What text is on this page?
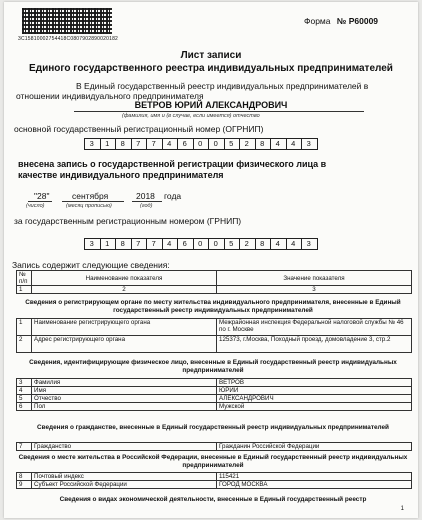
3С15810002754418C0807902890020182
Форма № Р60009
Лист записи
Единого государственного реестра индивидуальных предпринимателей
В Единый государственный реестр индивидуальных предпринимателей в
отношении индивидуального предпринимателя
ВЕТРОВ ЮРИЙ АЛЕКСАНДРОВИЧ
(фамилия, имя и (в случае, если имеется) отчество
основной государственный регистрационный номер (ОГРНИП)
3	1	8	7	7	4	6	0	0	5	2	8	4	4	3
внесена запись о государственной регистрации физического лица в
качестве индивидуального предпринимателя
"28"	сентября	2018 года
(число)	(месяц прописью)	(год)
за государственным регистрационным номером (ГРНИП)
3	1	8	7	7	4	6	0	0	5	2	8	4	4	3
Запись содержит следующие сведения:
№
п/п	Наименование показателя	Значение показателя
1	2	3
Сведения о регистрирующем органе по месту жительства индивидуального предпринимателя, внесенные в Единый государственный реестр индивидуальных предпринимателей
1	Наименование регистрирующего органа	Межрайонная инспекция Федеральной налоговой службы № 46 по г. Москве
2	Адрес регистрирующего органа	125373, г.Москва, Походный проезд, домовладение 3, стр.2
Сведения, идентифицирующие физическое лицо, внесенные в Единый государственный реестр индивидуальных предпринимателей
3	Фамилия	ВЕТРОВ
4	Имя	ЮРИЙ
5	Отчество	АЛЕКСАНДРОВИЧ
6	Пол	Мужской
Сведения о гражданстве, внесенные в Единый государственный реестр индивидуальных предпринимателей
7	Гражданство	Гражданин Российской Федерации
Сведения о месте жительства в Российской Федерации, внесенные в Единый государственный реестр индивидуальных предпринимателей
8	Почтовый индекс	115421
9	Субъект Российской Федерации	ГОРОД МОСКВА
Сведения о видах экономической деятельности, внесенные в Единый государственный реестр
1
